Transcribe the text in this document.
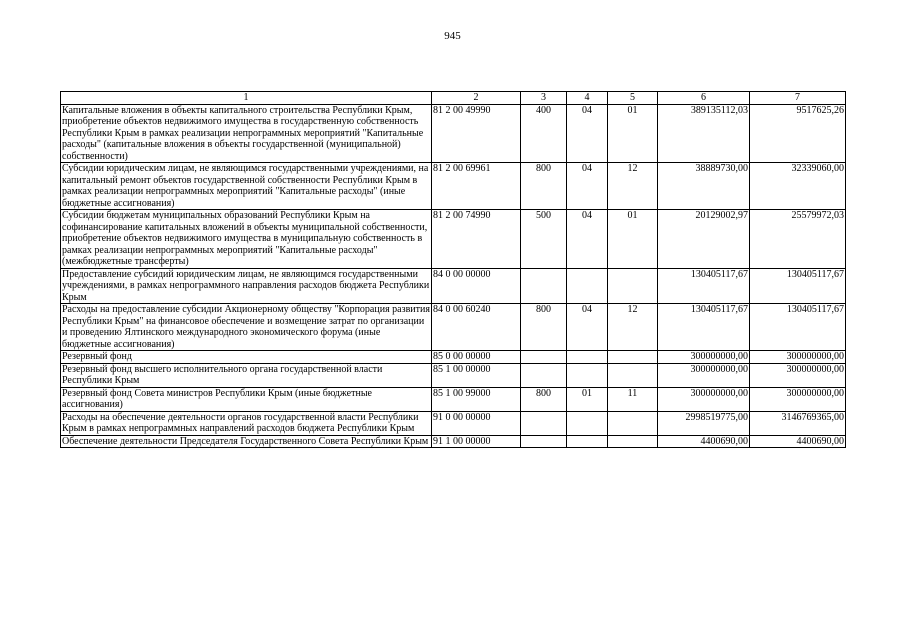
945
1	2	3	4	5	6	7
Капитальные вложения в объекты капитального строительства Республики Крым, приобретение объектов недвижимого имущества в государственную собственность Республики Крым в рамках реализации непрограммных мероприятий "Капитальные расходы" (капитальные вложения в объекты государственной (муниципальной) собственности)	81 2 00 49990	400	04	01	389135112,03	9517625,26
Субсидии юридическим лицам, не являющимся государственными учреждениями, на капитальный ремонт объектов государственной собственности Республики Крым в рамках реализации непрограммных мероприятий "Капитальные расходы" (иные бюджетные ассигнования)	81 2 00 69961	800	04	12	38889730,00	32339060,00
Субсидии бюджетам муниципальных образований Республики Крым на софинансирование капитальных вложений в объекты муниципальной собственности, приобретение объектов недвижимого имущества в муниципальную собственность в рамках реализации непрограммных мероприятий "Капитальные расходы" (межбюджетные трансферты)	81 2 00 74990	500	04	01	20129002,97	25579972,03
Предоставление субсидий юридическим лицам, не являющимся государственными учреждениями, в рамках непрограммного направления расходов бюджета Республики Крым	84 0 00 00000				130405117,67	130405117,67
Расходы на предоставление субсидии Акционерному обществу "Корпорация развития Республики Крым" на финансовое обеспечение и возмещение затрат по организации и проведению Ялтинского международного экономического форума (иные бюджетные ассигнования)	84 0 00 60240	800	04	12	130405117,67	130405117,67
Резервный фонд	85 0 00 00000				300000000,00	300000000,00
Резервный фонд высшего исполнительного органа государственной власти Республики Крым	85 1 00 00000				300000000,00	300000000,00
Резервный фонд Совета министров Республики Крым (иные бюджетные ассигнования)	85 1 00 99000	800	01	11	300000000,00	300000000,00
Расходы на обеспечение деятельности органов государственной власти Республики Крым в рамках непрограммных направлений расходов бюджета Республики Крым	91 0 00 00000				2998519775,00	3146769365,00
Обеспечение деятельности Председателя Государственного Совета Республики Крым	91 1 00 00000				4400690,00	4400690,00
